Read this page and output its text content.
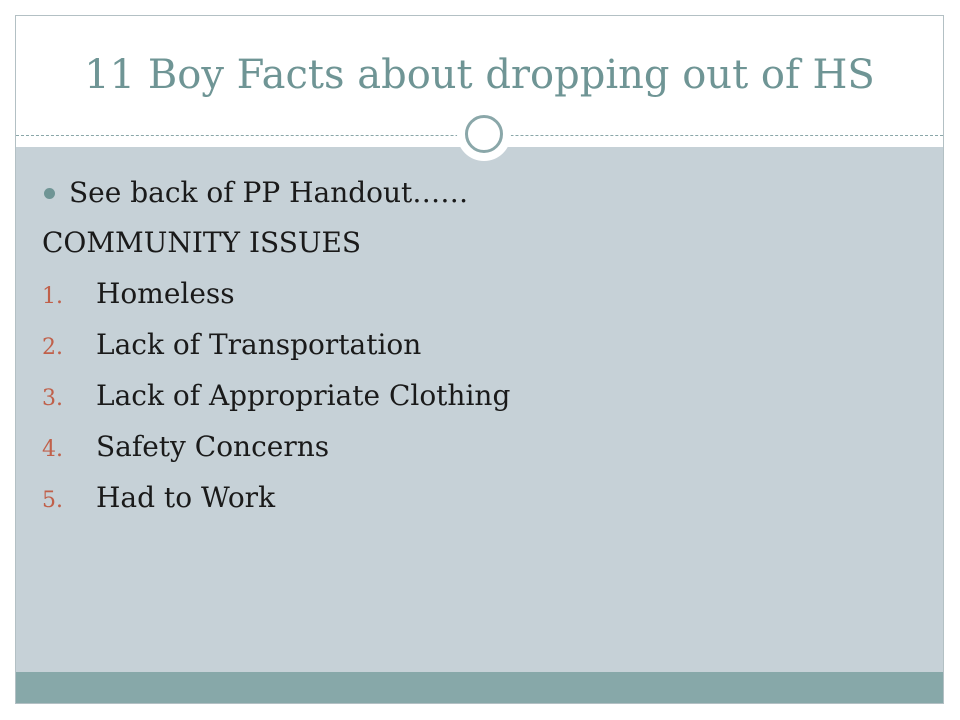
11 Boy Facts about dropping out of HS
See back of PP Handout……
COMMUNITY ISSUES
1. Homeless
2. Lack of Transportation
3. Lack of Appropriate Clothing
4. Safety Concerns
5. Had to Work
